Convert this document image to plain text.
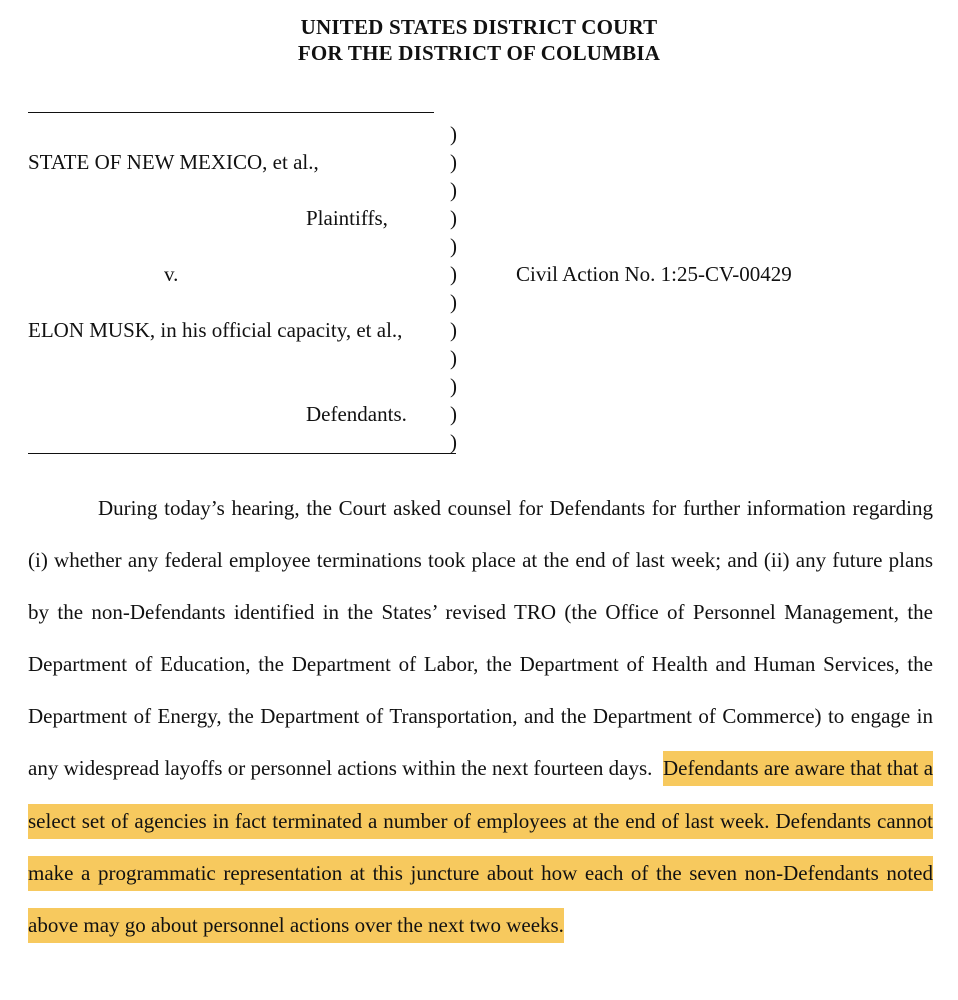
UNITED STATES DISTRICT COURT
FOR THE DISTRICT OF COLUMBIA
STATE OF NEW MEXICO, et al.,
Plaintiffs,
v.
ELON MUSK, in his official capacity, et al.,
Defendants.
)
)
)
)
)
)
)
)
)
)
)
)
Civil Action No. 1:25-CV-00429
During today’s hearing, the Court asked counsel for Defendants for further information regarding (i) whether any federal employee terminations took place at the end of last week; and (ii) any future plans by the non-Defendants identified in the States’ revised TRO (the Office of Personnel Management, the Department of Education, the Department of Labor, the Department of Health and Human Services, the Department of Energy, the Department of Transportation, and the Department of Commerce) to engage in any widespread layoffs or personnel actions within the next fourteen days. Defendants are aware that that a select set of agencies in fact terminated a number of employees at the end of last week. Defendants cannot make a programmatic representation at this juncture about how each of the seven non-Defendants noted above may go about personnel actions over the next two weeks.
